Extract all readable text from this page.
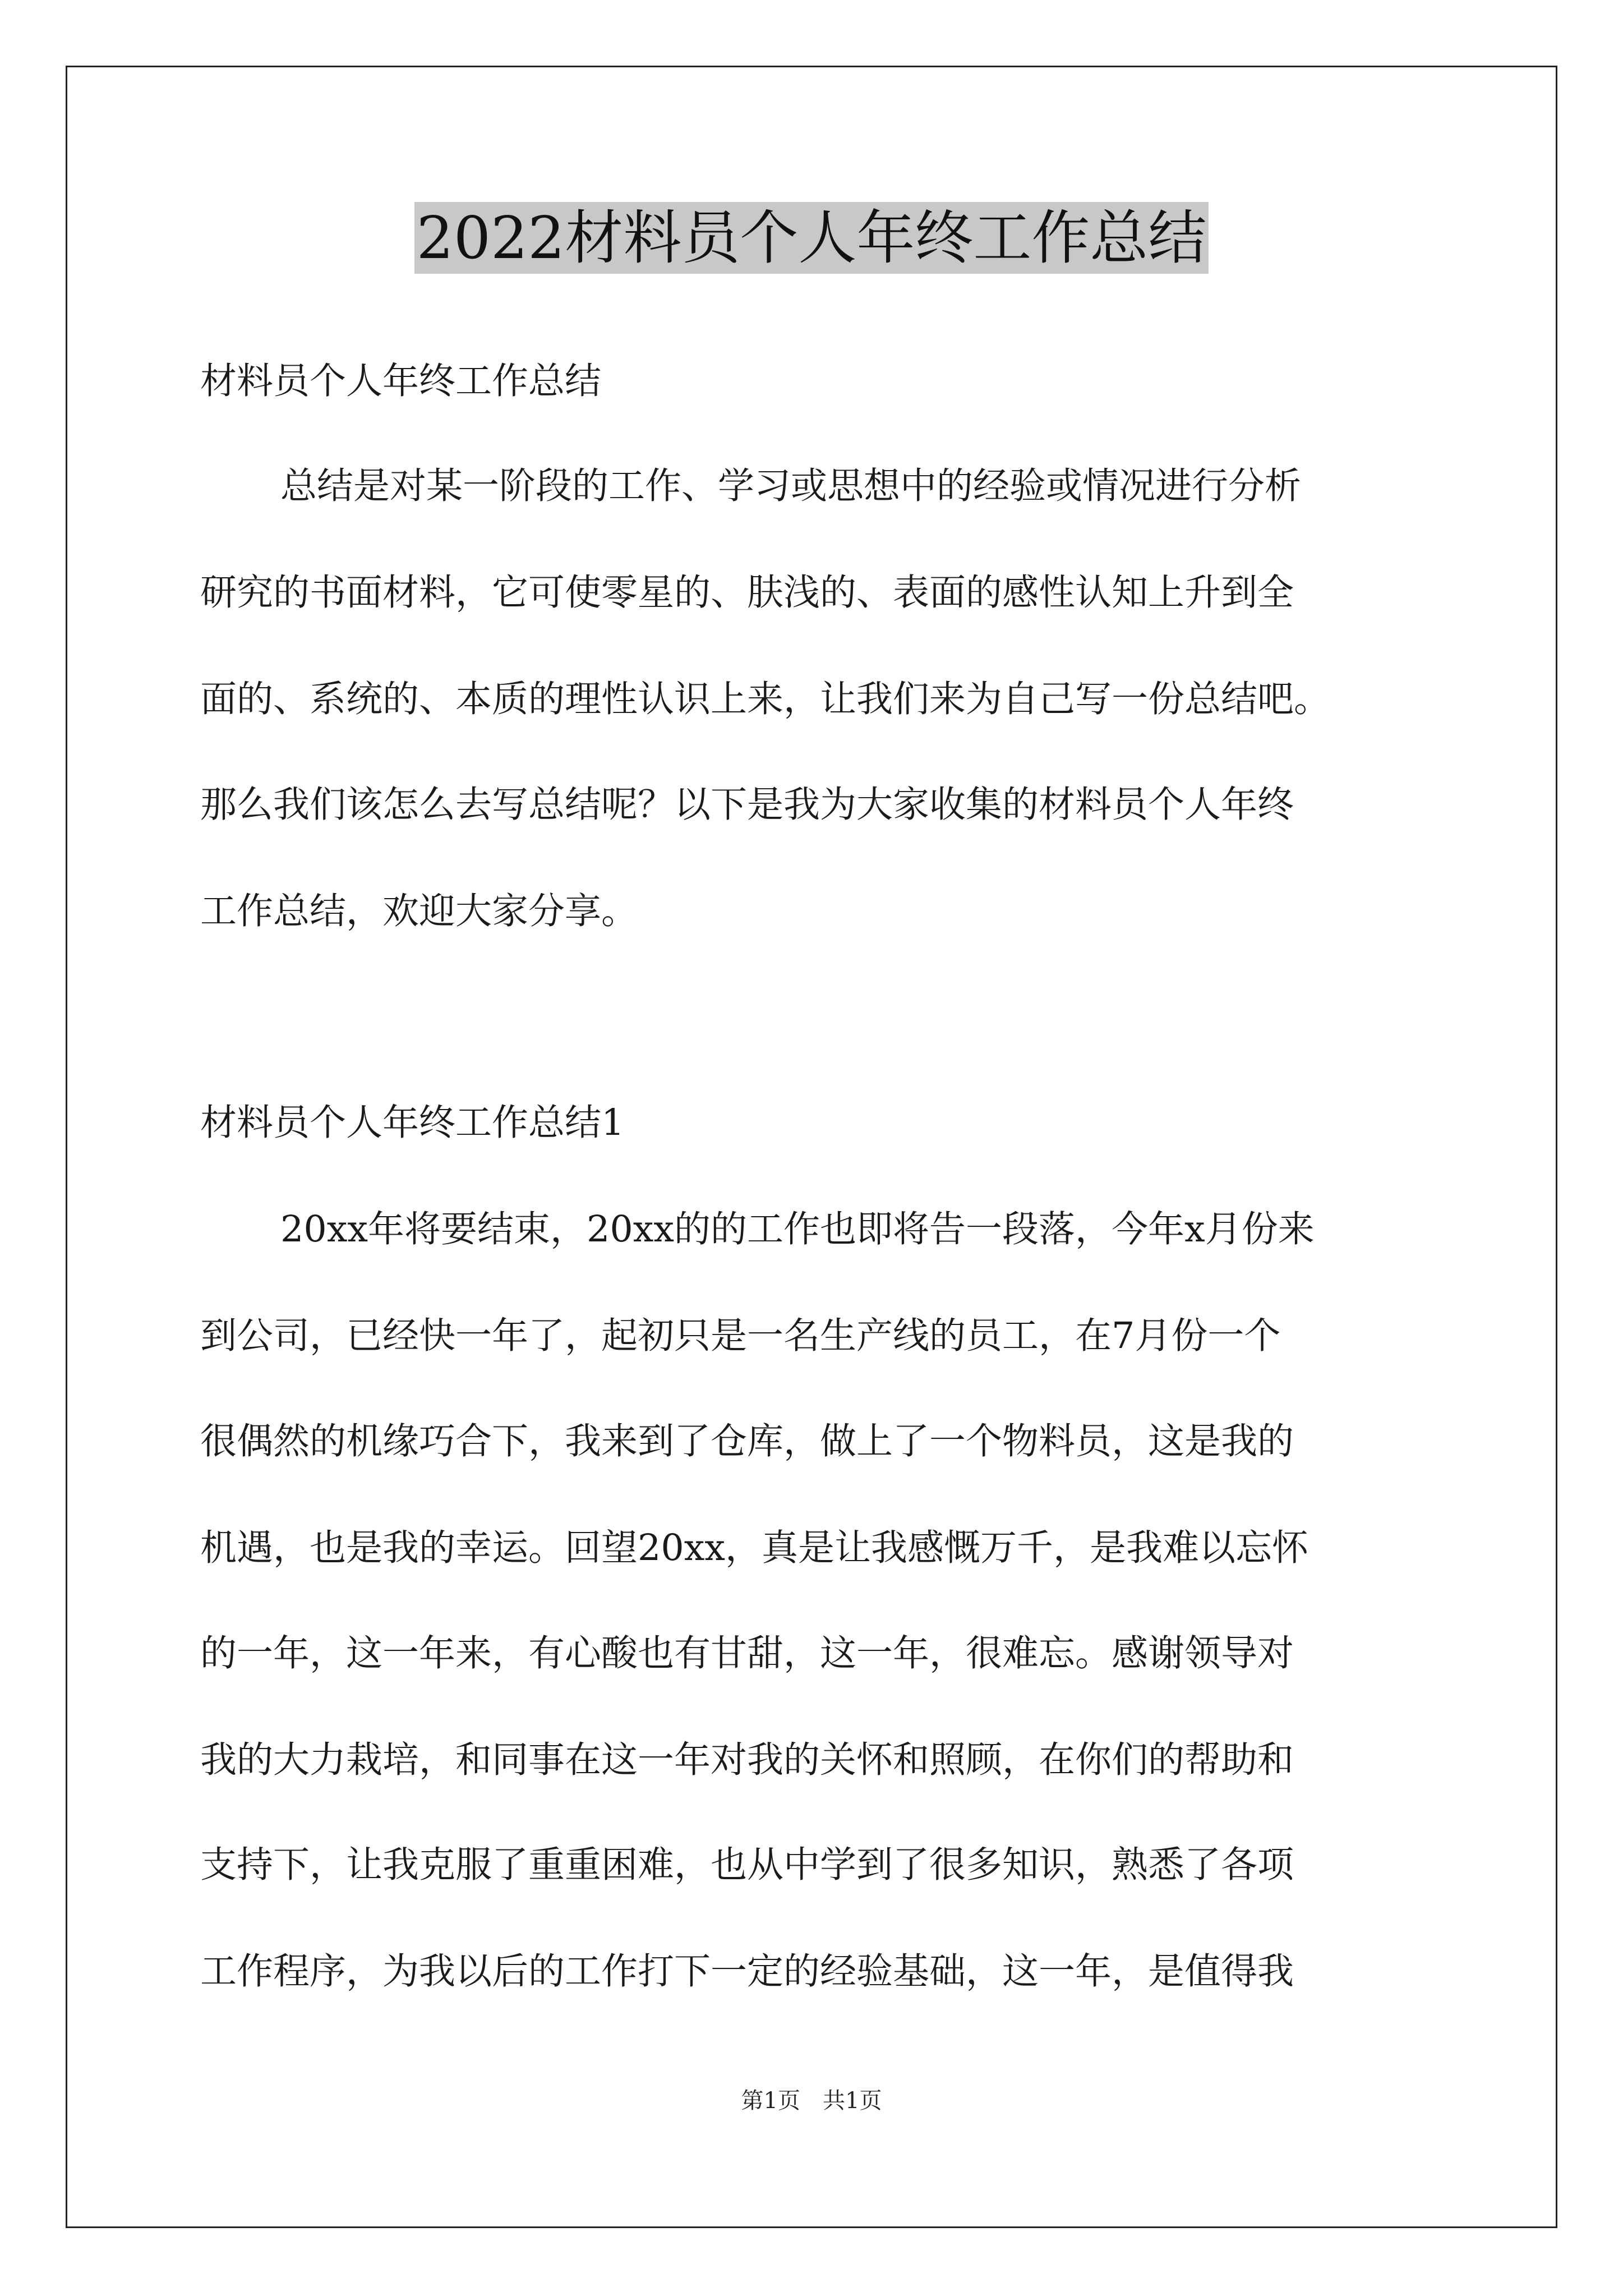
2022材料员个人年终工作总结
材料员个人年终工作总结
总结是对某一阶段的工作、学习或思想中的经验或情况进行分析
研究的书面材料，它可使零星的、肤浅的、表面的感性认知上升到全
面的、系统的、本质的理性认识上来，让我们来为自己写一份总结吧。
那么我们该怎么去写总结呢？以下是我为大家收集的材料员个人年终
工作总结，欢迎大家分享。
材料员个人年终工作总结1
20xx年将要结束，20xx的的工作也即将告一段落，今年x月份来
到公司，已经快一年了，起初只是一名生产线的员工，在7月份一个
很偶然的机缘巧合下，我来到了仓库，做上了一个物料员，这是我的
机遇，也是我的幸运。回望20xx，真是让我感慨万千，是我难以忘怀
的一年，这一年来，有心酸也有甘甜，这一年，很难忘。感谢领导对
我的大力栽培，和同事在这一年对我的关怀和照顾，在你们的帮助和
支持下，让我克服了重重困难，也从中学到了很多知识，熟悉了各项
工作程序，为我以后的工作打下一定的经验基础，这一年，是值得我
第1页　共1页
